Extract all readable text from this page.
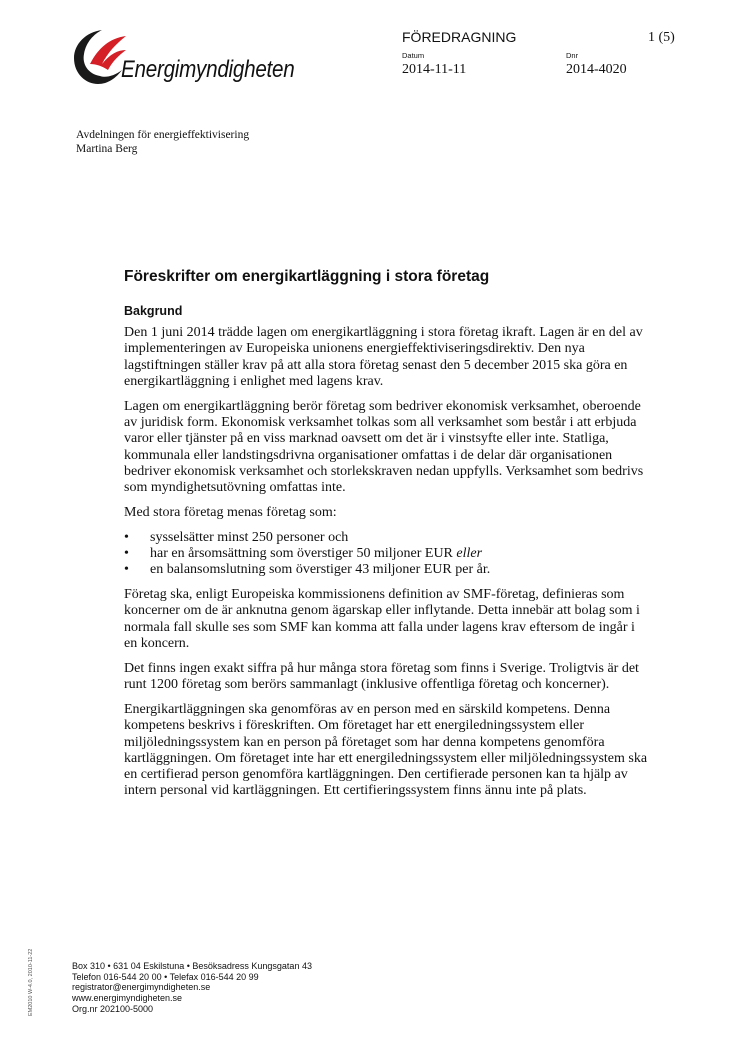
Energimyndigheten
FÖREDRAGNING	1 (5)
Datum
2014-11-11
Dnr
2014-4020
Avdelningen för energieffektivisering
Martina Berg
Föreskrifter om energikartläggning i stora företag
Bakgrund

Den 1 juni 2014 trädde lagen om energikartläggning i stora företag ikraft. Lagen är en del av implementeringen av Europeiska unionens energieffektiviseringsdirektiv. Den nya lagstiftningen ställer krav på att alla stora företag senast den 5 december 2015 ska göra en energikartläggning i enlighet med lagens krav.

Lagen om energikartläggning berör företag som bedriver ekonomisk verksamhet, oberoende av juridisk form. Ekonomisk verksamhet tolkas som all verksamhet som består i att erbjuda varor eller tjänster på en viss marknad oavsett om det är i vinstsyfte eller inte. Statliga, kommunala eller landstingsdrivna organisationer omfattas i de delar där organisationen bedriver ekonomisk verksamhet och storlekskraven nedan uppfylls. Verksamhet som bedrivs som myndighetsutövning omfattas inte.

Med stora företag menas företag som:

• sysselsätter minst 250 personer och
• har en årsomsättning som överstiger 50 miljoner EUR eller
• en balansomslutning som överstiger 43 miljoner EUR per år.

Företag ska, enligt Europeiska kommissionens definition av SMF-företag, definieras som koncerner om de är anknutna genom ägarskap eller inflytande. Detta innebär att bolag som i normala fall skulle ses som SMF kan komma att falla under lagens krav eftersom de ingår i en koncern.

Det finns ingen exakt siffra på hur många stora företag som finns i Sverige. Troligtvis är det runt 1200 företag som berörs sammanlagt (inklusive offentliga företag och koncerner).

Energikartläggningen ska genomföras av en person med en särskild kompetens. Denna kompetens beskrivs i föreskriften. Om företaget har ett energiledningssystem eller miljöledningssystem kan en person på företaget som har denna kompetens genomföra kartläggningen. Om företaget inte har ett energiledningssystem eller miljöledningssystem ska en certifierad person genomföra kartläggningen. Den certifierade personen kan ta hjälp av intern personal vid kartläggningen. Ett certifieringssystem finns ännu inte på plats.

EM2010 W-4.0, 2010-11-22	Box 310 • 631 04 Eskilstuna • Besöksadress Kungsgatan 43
Telefon 016-544 20 00 • Telefax 016-544 20 99
registrator@energimyndigheten.se
www.energimyndigheten.se
Org.nr 202100-5000
